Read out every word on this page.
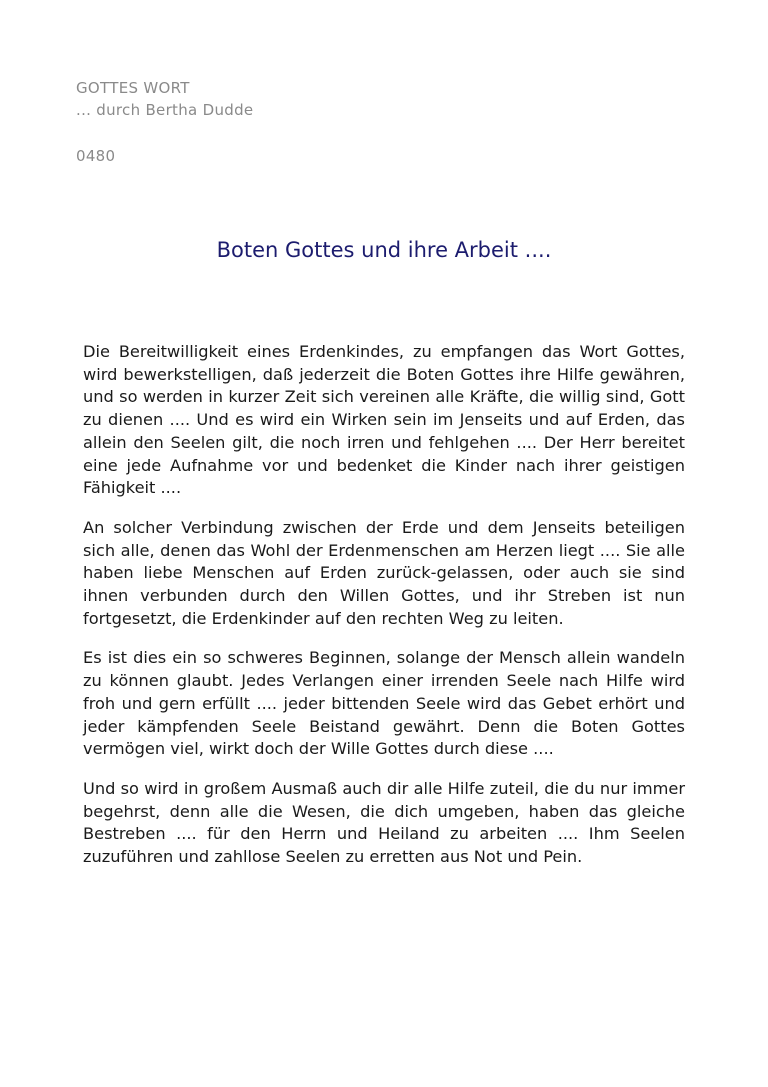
GOTTES WORT
... durch Bertha Dudde
0480
Boten Gottes und ihre Arbeit ....

Die Bereitwilligkeit eines Erdenkindes, zu empfangen das Wort Gottes, wird bewerkstelligen, daß jederzeit die Boten Gottes ihre Hilfe gewähren, und so werden in kurzer Zeit sich vereinen alle Kräfte, die willig sind, Gott zu dienen .... Und es wird ein Wirken sein im Jenseits und auf Erden, das allein den Seelen gilt, die noch irren und fehlgehen .... Der Herr bereitet eine jede Aufnahme vor und bedenket die Kinder nach ihrer geistigen Fähigkeit ....

An solcher Verbindung zwischen der Erde und dem Jenseits beteiligen sich alle, denen das Wohl der Erdenmenschen am Herzen liegt .... Sie alle haben liebe Menschen auf Erden zurück-gelassen, oder auch sie sind ihnen verbunden durch den Willen Gottes, und ihr Streben ist nun fortgesetzt, die Erdenkinder auf den rechten Weg zu leiten.

Es ist dies ein so schweres Beginnen, solange der Mensch allein wandeln zu können glaubt. Jedes Verlangen einer irrenden Seele nach Hilfe wird froh und gern erfüllt .... jeder bittenden Seele wird das Gebet erhört und jeder kämpfenden Seele Beistand gewährt. Denn die Boten Gottes vermögen viel, wirkt doch der Wille Gottes durch diese ....

Und so wird in großem Ausmaß auch dir alle Hilfe zuteil, die du nur immer begehrst, denn alle die Wesen, die dich umgeben, haben das gleiche Bestreben .... für den Herrn und Heiland zu arbeiten .... Ihm Seelen zuzuführen und zahllose Seelen zu erretten aus Not und Pein.
